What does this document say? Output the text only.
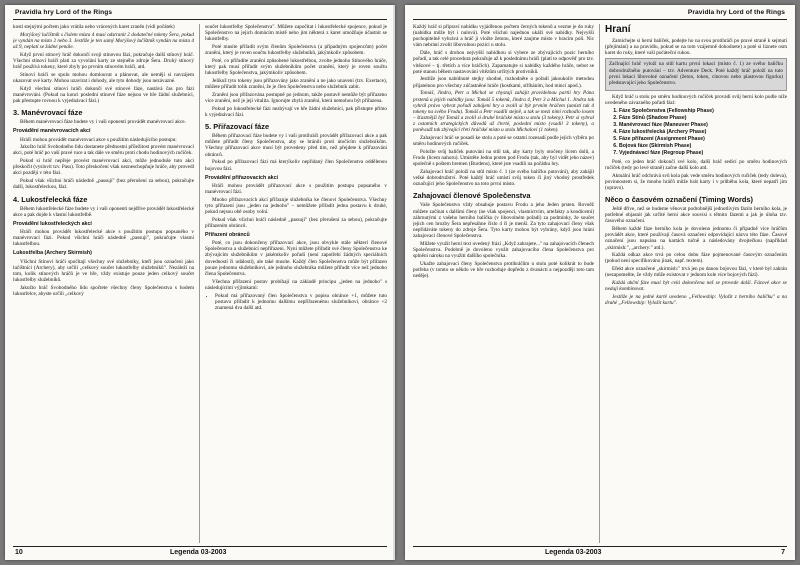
Pravidla hry Lord of the Rings

kosti stejnými počtem jako vrátila nebo vrácených karet zraněn (vidí počátek)

Morýšový lučištník s čislem místa 4 musí odstranit 2 dodatečné tokeny Šera, pokud je vyndán na místo 2 nebo 3. Jestliže je ten samý Morýšový lučištník vyndán na místa 4 až 9, neplatí se žádné penále.

Když první stínový hráč dokončí svoji stínovou fázi, pokračuje další stínový hráč. Všechni stínoví hráči platí za vyvolání karty ze stejného zdroje Šera. Druhý stínový hráč používá tokeny, které zbyly po prvním stínovém hráči, atd.

Stínoví hráči se spolu mohou domlouvat a plánovat, ale nemějí si navzájem ukazovat své karty. Mohou uzavírat i dohody, ale tyto dohody jsou nezávazné.

Když všechni stínoví hráči dokončí své stínové fáze, nastává čas pro fázi manévrování. (Pokud na konci poslední stínové fáze nejsou ve hře žádní služebníci, pak přestupte rovnou k vyjednávací fázi.)

3. Manévrovací fáze

Během manévrovací fáze budete vy i vaši oponenti provádět manévrovací akce.

Provádění manévrovacích akcí

Hráči mohou provádět manévrovací akce s použitím následujícího postupu:

Jakožto hráč Svobodného lidu dostanete přednostní příležitost provést manévrovací akci, poté hráč po vaší pravé ruce a tak dále ve směru proti chodu hodinových ručiček.

Pokud si hráč nepřeje provést manévrovací akci, může jednoduše tuto akci přeskočit (vyslovit tzv. Pass). Toto přeskočení však nezneschopňuje hráče, aby provedl akci později v této fázi.

Pokud však všichni hráči následně „passují" (bez přerušení za sebou), pokračujte další, lukostřeleckou, fází.

4. Lukostřelecká fáze

Během lukostřelecké fáze budete vy i vaši oponenti nejdříve provádět lukostřelecké akce a pak dojde k vlastní lukostřelbě.

Provádění lukostřeleckých akcí

Hráči mohou provádět lukostřelecké akce s použitím postupu popsaného v manévrovací fázi. Pokud všichni hráči následně „passují", pokračujte vlastní lukostřelbou.

Lukostřelba (Archery Skirmish)

Všichni Stínoví hráči spočítají všechny své služebníky, kteří jsou označeni jako lučištníci (Archery), aby určili „celkový součet lukostřelby služebníků". Nezáleží na tom, kolik stínových hráčů je ve hře, vždy existuje pouze jeden celkový součet lukostřelby služebníků.

Jakožto hráč Svobodného lidu spočtete všechny členy Společenstva s hodem lukostřelce, abyste určili „celkový

součet lukostřelby Společenstva". Můžete započítat i lukostřelecké spojence, pokud je Společenstvo na jejich domácím místě nebo jim některá z karet umožňuje účastnit se lukostřelby.

Poté musíte přiřadit svým členům Společenstva (a případným spojencům) počet zranění, který je roven součtu lukostřelby služebníků, jakýmkoliv způsobem.

Poté, co přiřadíte zranění způsobené lukostřelbou, zvolte jednoho Stínového hráče, který pak musí přiřadit svým služebníkům počet zranění, který je roven součtu lukostřelby Společenstva, jakýmkoliv způsobem.

Jelikož tyto tokeny jsou přiřazovány jako zranění a ne jako unavení (tzv. Exertace), můžete přiřadit tolik zranění, že je člen Společenstva nebo služebník zabit.

Zranění jsou přiřazována postupně po jednom, takže postavě nemůže být přiřazeno více zranění, než je její vitalita. Ignorujte zbylá zranění, která nemohou být přiřazena.

Pokud po lukostřelecké fázi nezbývají ve hře žádní služebníci, pak přistupte přímo k vyjednávací fázi.

5. Přiřazovací fáze

Během přiřazovací fáze budete vy i vaši protihráči provádět přiřazovací akce a pak můžete přiřadit členy Společenstva, aby se bránili proti útočícím služebníkům. Všechny přiřazovací akce musí být provedeny před tím, než přejdete k přiřazování obránců.

Pokud po přiřazovací fázi má kterýkoliv nepřidaný člen Společenstva oddělenou bojovou fázi.

Provádění přiřazovacích akcí

Hráči mohou provádět přiřazovací akce s použitím postupu popsaného v manévrovací fázi.

Mnoho přiřazovacích akcí přiřazuje služebníka ke členovi Společenstva. Všechny tyto přiřazení jsou „jeden na jednoho" – nemůžete přiřadit jednu postavu k druhé, pokud nejsou obě osoby volní.

Pokud však všichni hráči následně „passují" (bez přerušení za sebou), pokračujte přiřazením obránců.

Přiřazení obránců

Poté, co jsou dokončeny přiřazovací akce, jsou obvykle stále některí členové Společenstva a služebníci nepřiřazeni. Nyní můžete přiřadit své členy Společenstva ke zbývajícím služebníkům v jakémkoliv pořadí (není zapotřebí žádných speciálních dovedností či událostí), ale také musíte. Každý člen Společenstva může být přiřazen pouze jednomu služebníkovi, ale jednoho služebníka můžete přiřadit více než jednoho člena Společenstva.

Všechna přiřazení postav probíhají na základě principu „jeden na jednoho" s následujícími výjimkami:

• Pokud má přiřazovaný člen Společenstva v popisu obránce +1, můžete tuto postavu přiřadit k jednomu dalšímu nepřiřazenému služebníkovi, obránce +2 znamená dva další atd.
10	Legenda 03-2003
Pravidla hry Lord of the Rings

Každý hráč si připraví nabídku vyjádřenou počtem černých tokenů a vezme je do ruky (nabídka může být i nulová). Poté všichni najednou ukáží své nabídky. Nejvyšší pochopitelně vyhrává a hráč ji vložte žetonu, které zaujme místo v hracím poli. Nic vám nebrání zvolit libovolnou pozici u stolu.

Dále, hráč s druhou nejvyšší nabídkou si vybere ze zbývajících pozic herního pořadí, a tak celé procedura pokračuje až k poslednímu hráči (platí to odpověď pro tzv. vítězové – tj. třetích a více hráčích). Zapamatujte si nabídky každého hráče, nebot se poté stanou během nastavování vítězům určitých protivníků.

Jestliže jsou nabídnuté stejky shodné, rozhodněte o pořadí jakoukoliv metodou přijatelnou pro všechny zúčastněné hráče (kostkami, stříháním, hod mincí apod.).

Tomáš, Jindra, Petr a Michal se chystají zahájit pravidelnou partii hry Pána prstenů a jejich nabídky jsou: Tomáš 5 tokenů, Jindra 4, Petr 3 a Michal 1. Jindra tak vyhrál právo vybrat pořadí zahájení hry a zvolil si být prvním hráčem (umístí tak 4 tokeny na svého Frodu). Tomáš a Petr vsadili stejně, a tak se mezi nimi rozhodlo losem – šťastnější byl Tomáš a zvolil si druhé hráčské místo u stolu (3 tokeny). Petr si vybral z ostatních strategických důvodů až čtvrté, poslední místo (vsadil 3 tokeny), a poněvadž tak zbývající třetí hráčské místo u stolu Michalovi (1 token).

Zahajovací hráč se posadí ke stolu a poté se ostatní rozesadí podle jejich výběru po směru hodinových ručiček.

Položte svůj balíček putování na stůl tak, aby karty byly otočeny lícem dolů, a Frodo (lícem nahoru). Umístěte Jednu prsten pod Frodu (tak, aby byl vidět jeho název) společně s poštem bremen (Burdens), které jste vsadili na počátku hry.

Zahajovací hráč položí na stůl místo č. 1 (ze svého balíčku putování), aby zahájil velké dobrodružství. Poté každý hráč umístí svůj token či jiný vhodný prostředek označující jeho Společenstvo na toto první místo.

Zahajovací členové Společenstva

Vaše Společenstvo vždy obsahuje postavu Frodu a jeho Jeden prsten. Rovněž můžete začínat s dalšími členy (ne však spojenci, vlastnictvím, artefakty a kondicemi) záhrnutými z vašeho herního balíčku (v libovolném pořadí) za podmínky, že součet jejich cen hrozby Šera nepřesáhne číslo 4 či je menší. Za tyto zahajovací členy však nepřidáváte tokeny do zdroje Šera. Tyto karty mohou být vybrány, když jsou hráni zahajovací členové Společenstva.

Můžete využít herní text uvedený frází „Když zahrajete..." na zahajovacích členech Společenstva. Podobně je dovoleno využít zahajovacího člena Společenstva pro splnění nároku na využití dalšího společníka.

Ukažte zahajovací členy Společenstva protihráčům u stolu poté kolikrát to bude potřeba (v tomto se někdo ve hře rozhoduje dopředu z dvanácti a nejpozději toto tam neděje).

Hraní

Zamíchejte si herní balíček, podejte ho na svou protihráči po pravé straně k sejmutí (přejímání) a na pravidlu, pokud se na tom vzájemně dohodnete) a poté si líznete osm karet do ruky, které vaši počáteční rukou.

Začínající hráč vyloží na stůl kartu první lokací (místo č. 1) ze svého balíčku dobrodružného putování – tzv. Adventure Deck. Poté každý hráč položí na tuto první lokaci libovolné označení (žeton, token, cínovou nebo plastovou figurku) představující jeho Společenstvo.

Když hráč u stolu po směru hodinových ručiček provádí svůj herní kolo podle níže uvedeného závazného pořadí fází:

1. Fáze Společenstva (Fellowship Phase)
2. Fáze Stínů (Shadow Phase)
3. Manévrovací fáze (Maneuver Phase)
4. Fáze lukostřelecká (Archery Phase)
5. Fáze přiřazení (Assignment Phase)
6. Bojová fáze (Skirmish Phase)
7. Vyjednávací fáze (Regroup Phase)

Poté, co jeden hráč dokončí své kolo, další hráč sedící po směru hodinových ručiček (tedy po levé straně) začne další kolo atd.

Aktuální hráč odchrává svů kola pak vede směru hodinových ručiček (tedy doleva), povinnostem si, že mnoho hráčů může hrát karty i v průběhu kola, které nepatří jim (opravu).

Něco o časovém označení (Timing Words)

Ještě dříve, než se budeme věnovat podrobnější jednotlivým fázím herního kola, je potřebné objasnit jak určité herní akce souvisí s těmito fázemi a jak je úloha tzv. časového označení.

Během každé fáze herního kola je dovoleno jednomu či případně více hráčům provádět akce, které používají časová označení odpovídající názvu této fáze. Časové označení jsou napsána na kartách tučně a následovány dvojtečkou (například „skirmish:", „archery:" atd.).

Každá odkaz akce trvá po celou dobu fáze pojmenované časovým označením (pokud není specifikováno jinak, např. textem).

Efekt akce označené „skirmish:" trvá jen po danou bojovou fázi, v které byl zahrán (nezapomeňte, že vždy může existovat v jednom kole více bojových fází).

Každá akční fáze musí být celá dokončena než se provede další. Fázové akce se nedají kombinovat.

Jestliže je na jedné kartě uvedeno „Fellowship: Vyložit z herního balíčku" a na druhé „Fellowship: Vyložit kartu".

Legenda 03-2003	7
